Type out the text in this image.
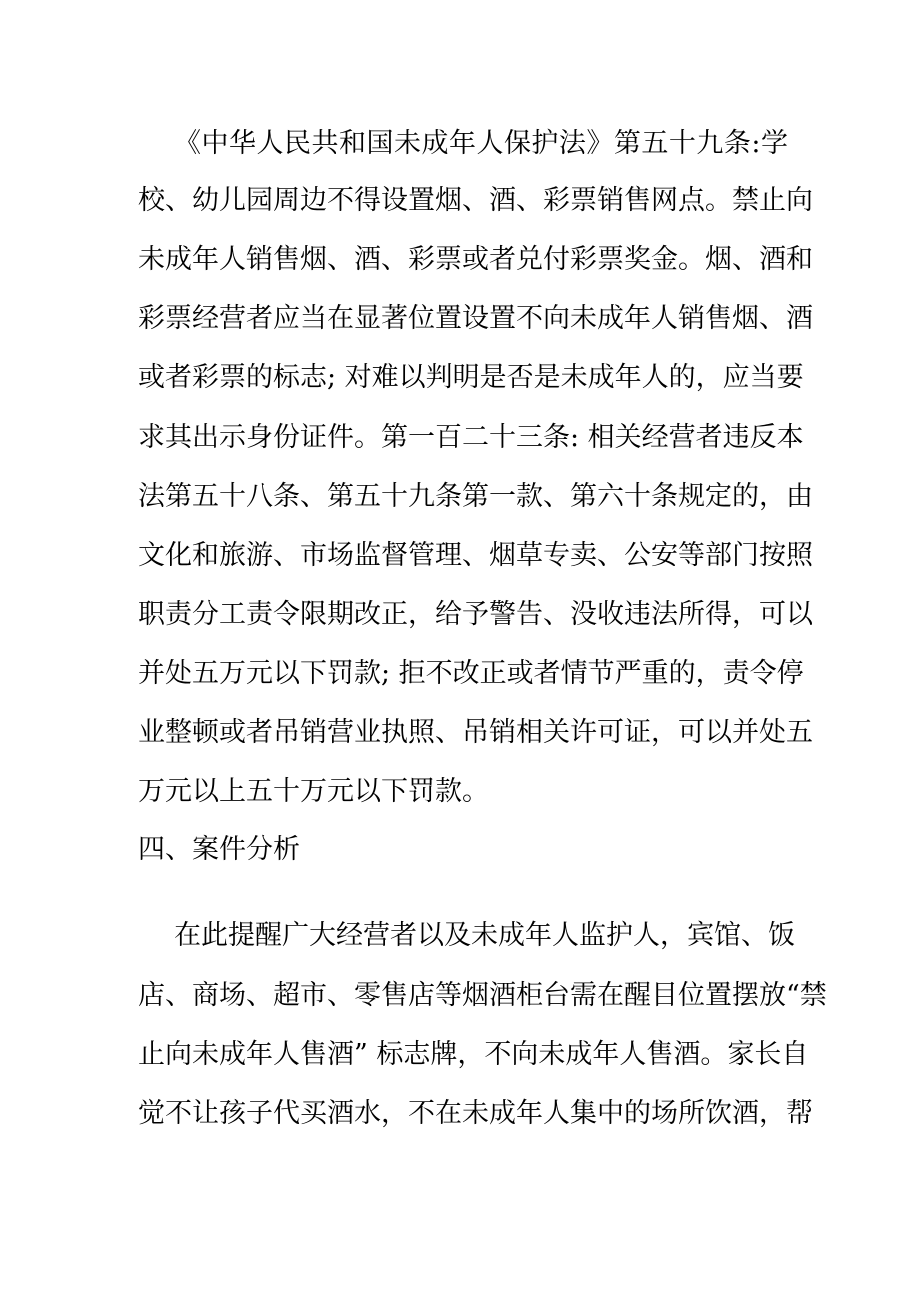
《中华人民共和国未成年人保护法》第五十九条:学
校、幼儿园周边不得设置烟、酒、彩票销售网点。禁止向
未成年人销售烟、酒、彩票或者兑付彩票奖金。烟、酒和
彩票经营者应当在显著位置设置不向未成年人销售烟、酒
或者彩票的标志; 对难以判明是否是未成年人的，应当要
求其出示身份证件。第一百二十三条: 相关经营者违反本
法第五十八条、第五十九条第一款、第六十条规定的，由
文化和旅游、市场监督管理、烟草专卖、公安等部门按照
职责分工责令限期改正，给予警告、没收违法所得，可以
并处五万元以下罚款; 拒不改正或者情节严重的，责令停
业整顿或者吊销营业执照、吊销相关许可证，可以并处五
万元以上五十万元以下罚款。
四、案件分析
在此提醒广大经营者以及未成年人监护人，宾馆、饭
店、商场、超市、零售店等烟酒柜台需在醒目位置摆放“禁
止向未成年人售酒” 标志牌，不向未成年人售酒。家长自
觉不让孩子代买酒水，不在未成年人集中的场所饮酒，帮
